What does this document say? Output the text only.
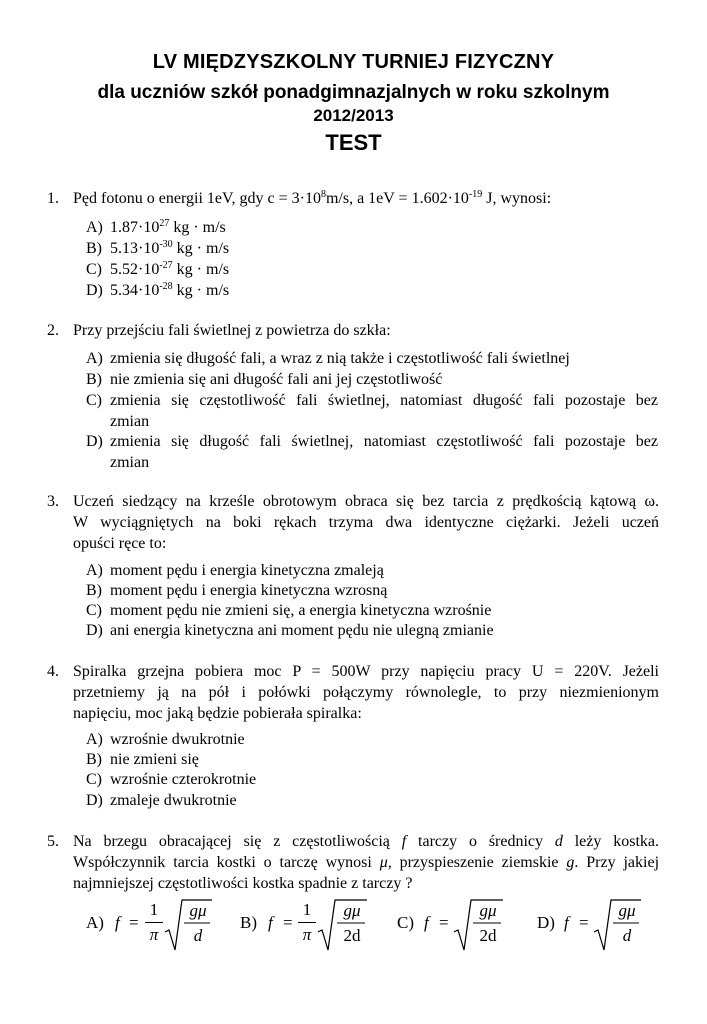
LV MIĘDZYSZKOLNY TURNIEJ FIZYCZNY
dla uczniów szkół ponadgimnazjalnych w roku szkolnym
2012/2013
TEST
1. Pęd fotonu o energii 1eV, gdy $c = 3\cdot 10^8m/s$, a $1eV = 1.602\cdot 10^{-19}$ J, wynosi:
A) $1.87\cdot 10^{27}$ kg · m/s
B) $5.13\cdot 10^{-30}$ kg · m/s
C) $5.52\cdot 10^{-27}$ kg · m/s
D) $5.34\cdot 10^{-28}$ kg · m/s
2. Przy przejściu fali świetlnej z powietrza do szkła:
A) zmienia się długość fali, a wraz z nią także i częstotliwość fali świetlnej
B) nie zmienia się ani długość fali ani jej częstotliwość
C) zmienia się częstotliwość fali świetlnej, natomiast długość fali pozostaje bez
zmian
D) zmienia się długość fali świetlnej, natomiast częstotliwość fali pozostaje bez
zmian
3. Uczeń siedzący na krześle obrotowym obraca się bez tarcia z prędkością kątową ω.
W wyciągniętych na boki rękach trzyma dwa identyczne ciężarki. Jeżeli uczeń
opuści ręce to:
A) moment pędu i energia kinetyczna zmaleją
B) moment pędu i energia kinetyczna wzrosną
C) moment pędu nie zmieni się, a energia kinetyczna wzrośnie
D) ani energia kinetyczna ani moment pędu nie ulegną zmianie
4. Spiralka grzejna pobiera moc P = 500W przy napięciu pracy U = 220V. Jeżeli
przetniemy ją na pół i połówki połączymy równolegle, to przy niezmienionym
napięciu, moc jaką będzie pobierała spiralka:
A) wzrośnie dwukrotnie
B) nie zmieni się
C) wzrośnie czterokrotnie
D) zmaleje dwukrotnie
5. Na brzegu obracającej się z częstotliwością f tarczy o średnicy d leży kostka.
Współczynnik tarcia kostki o tarczę wynosi μ, przyspieszenie ziemskie g. Przy jakiej
najmniejszej częstotliwości kostka spadnie z tarczy ?
A) f =
1
π
gμ
d
B) f =
1
π
gμ
2d
C) f =
gμ
2d
D) f =
gμ
d
